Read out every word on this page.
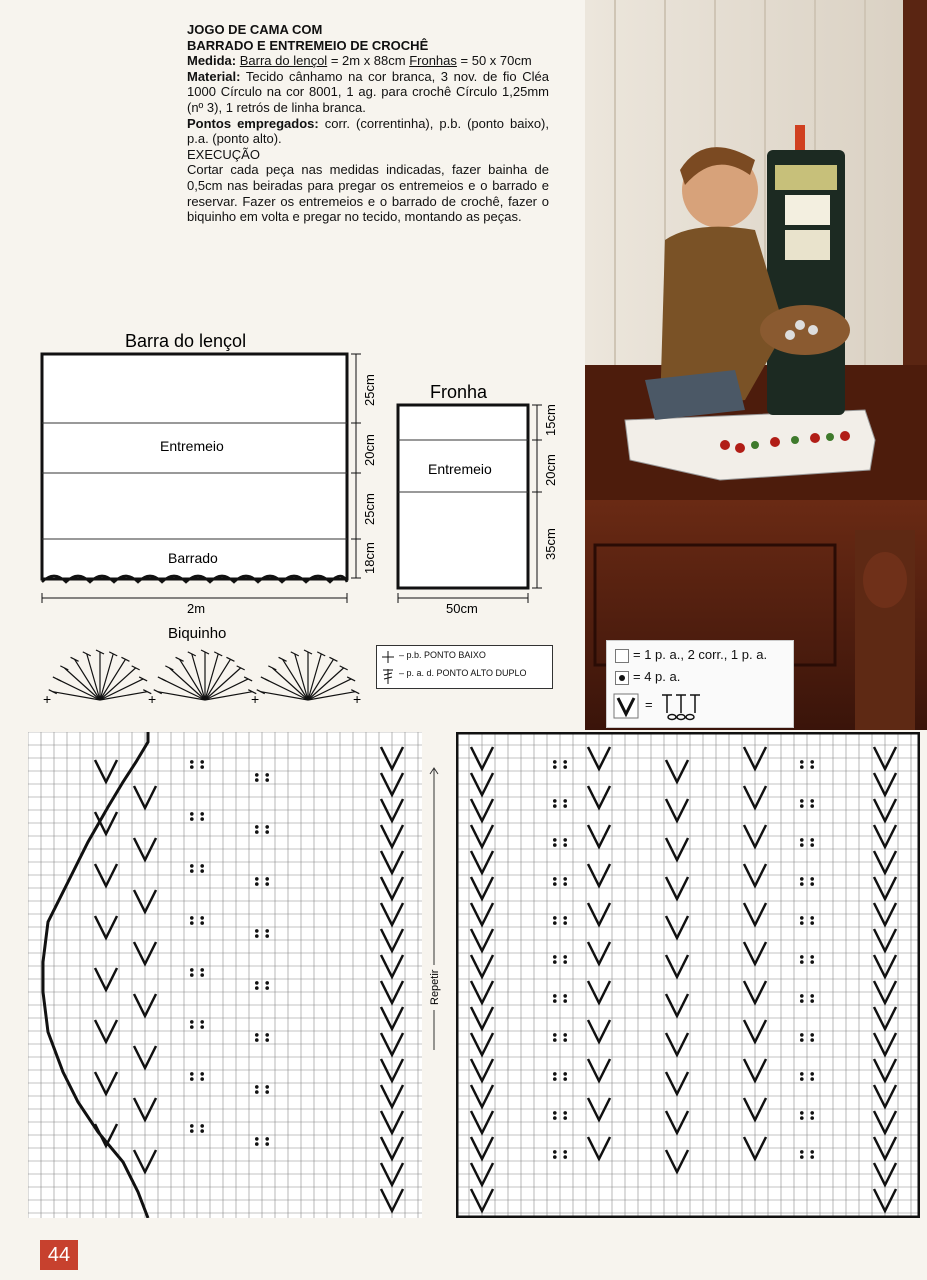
JOGO DE CAMA COM
BARRADO E ENTREMEIO DE CROCHÊ

Medida: Barra do lençol = 2m x 88cm Fronhas = 50 x 70cm

Material: Tecido cânhamo na cor branca, 3 nov. de fio Cléa 1000 Círculo na cor 8001, 1 ag. para crochê Círculo 1,25mm (nº 3), 1 retrós de linha branca.

Pontos empregados: corr. (correntinha), p.b. (ponto baixo), p.a. (ponto alto).

EXECUÇÃO

Cortar cada peça nas medidas indicadas, fazer bainha de 0,5cm nas beiradas para pregar os entremeios e o barrado e reservar. Fazer os entremeios e o barrado de crochê, fazer o biquinho em volta e pregar no tecido, montando as peças.

Barra do lençol
Entremeio
Barrado
25cm
20cm
25cm
18cm
2m
Fronha
Entremeio
15cm
20cm
35cm
50cm
Biquinho
+	+	+	+
– p.b. PONTO BAIXO
– p. a. d. PONTO ALTO DUPLO
= 1 p. a., 2 corr., 1 p. a.
= 4 p. a.
=
Repetir
44
